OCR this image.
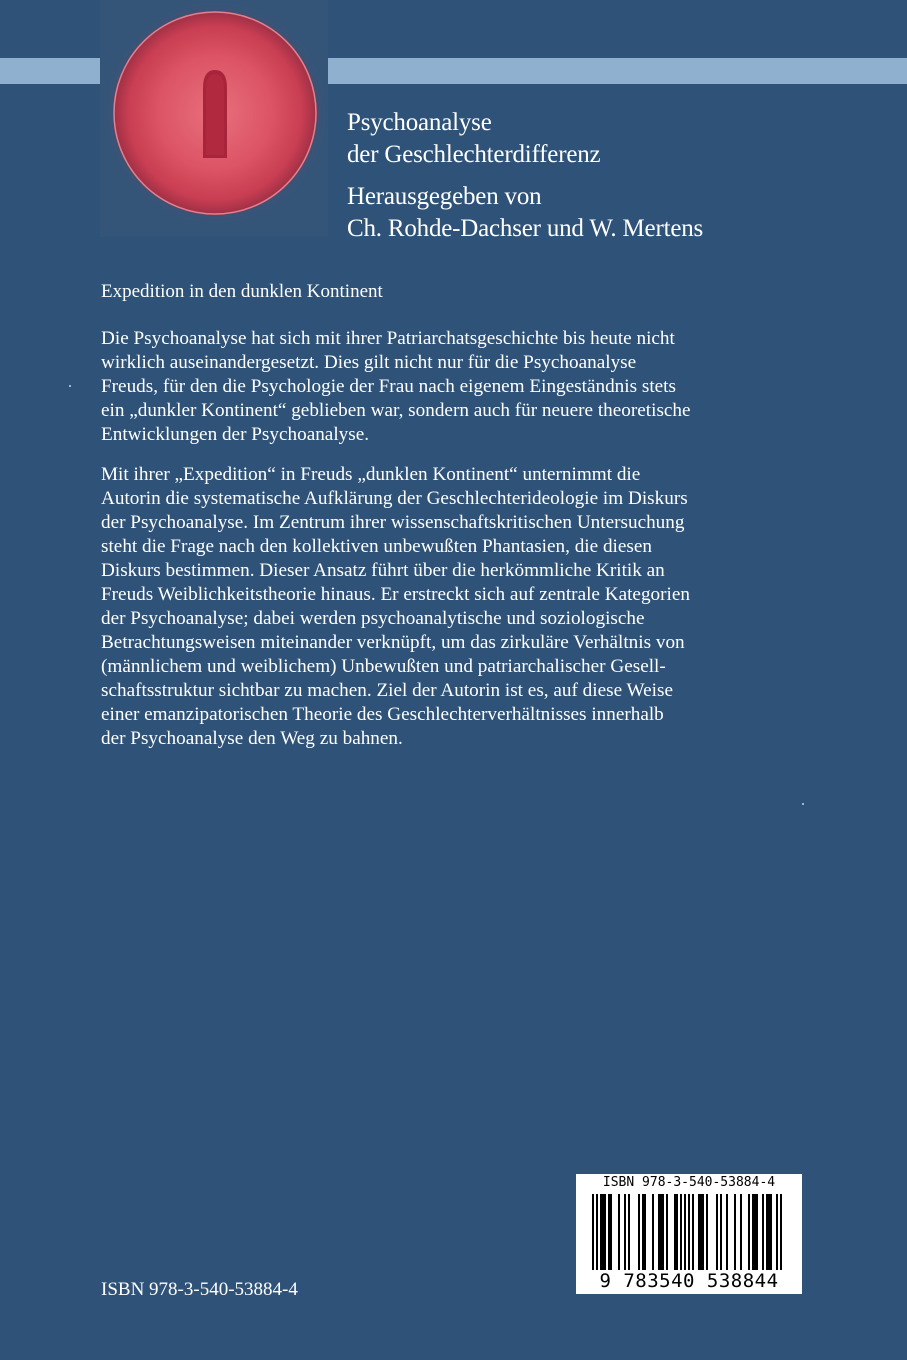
Psychoanalyse
der Geschlechterdifferenz
Herausgegeben von
Ch. Rohde-Dachser und W. Mertens
Expedition in den dunklen Kontinent

Die Psychoanalyse hat sich mit ihrer Patriarchatsgeschichte bis heute nicht
wirklich auseinandergesetzt. Dies gilt nicht nur für die Psychoanalyse
Freuds, für den die Psychologie der Frau nach eigenem Eingeständnis stets
ein „dunkler Kontinent“ geblieben war, sondern auch für neuere theoretische
Entwicklungen der Psychoanalyse.

Mit ihrer „Expedition“ in Freuds „dunklen Kontinent“ unternimmt die
Autorin die systematische Aufklärung der Geschlechterideologie im Diskurs
der Psychoanalyse. Im Zentrum ihrer wissenschaftskritischen Untersuchung
steht die Frage nach den kollektiven unbewußten Phantasien, die diesen
Diskurs bestimmen. Dieser Ansatz führt über die herkömmliche Kritik an
Freuds Weiblichkeitstheorie hinaus. Er erstreckt sich auf zentrale Kategorien
der Psychoanalyse; dabei werden psychoanalytische und soziologische
Betrachtungsweisen miteinander verknüpft, um das zirkuläre Verhältnis von
(männlichem und weiblichem) Unbewußten und patriarchalischer Gesell-
schaftsstruktur sichtbar zu machen. Ziel der Autorin ist es, auf diese Weise
einer emanzipatorischen Theorie des Geschlechterverhältnisses innerhalb
der Psychoanalyse den Weg zu bahnen.

ISBN 978-3-540-53884-4
ISBN 978-3-540-53884-4
9 783540 538844
